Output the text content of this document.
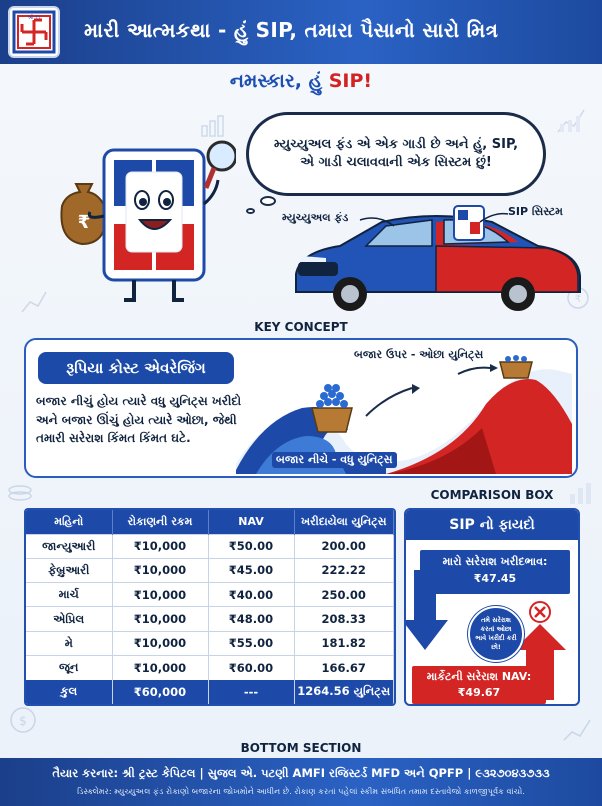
₹
$
શ્રી ૧૧ મારી આત્મકથા - હું SIP, તમારા પૈસાનો સારો મિત્ર
નમસ્કાર, હું SIP!
₹
મ્યુચ્યુઅલ ફંડ એ એક ગાડી છે અને હું, SIP,
એ ગાડી ચલાવવાની એક સિસ્ટમ છું!
મ્યુચ્યુઅલ ફંડ	SIP સિસ્ટમ
KEY CONCEPT
રૂપિયા કોસ્ટ એવરેજિંગ
બજાર નીચું હોય ત્યારે વધુ યુનિટ્સ ખરીદો અને બજાર ઊંચું હોય ત્યારે ઓછા, જેથી તમારી સરેરાશ કિંમત કિંમત ઘટે.
બજાર ઉપર - ઓછા યુનિટ્સ
બજાર નીચે - વધુ યુનિટ્સ
મહિનો	રોકાણની રકમ	NAV	ખરીદાયેલા યુનિટ્સ
જાન્યુઆરી	₹10,000	₹50.00	200.00
ફેબ્રુઆરી	₹10,000	₹45.00	222.22
માર્ચ	₹10,000	₹40.00	250.00
એપ્રિલ	₹10,000	₹48.00	208.33
મે	₹10,000	₹55.00	181.82
જૂન	₹10,000	₹60.00	166.67
કુલ	₹60,000	---	1264.56 યુનિટ્સ
COMPARISON BOX
SIP નો ફાયદો
મારો સરેરાશ ખરીદભાવ:
₹47.45
તમે સરેરાશ કરતાં ઓછા ભાવે ખરીદી કરી છો!
માર્કેટની સરેરાશ NAV:
₹49.67
BOTTOM SECTION
તૈયાર કરનાર: શ્રી ટ્રસ્ટ કેપિટલ | સુજલ એ. પટણી AMFI રજિસ્ટર્ડ MFD અને QPFP | ૯૩૨૭૦૪૩૭૩૩
ડિસ્ક્લેમર: મ્યુચ્યુઅલ ફંડ રોકાણો બજારના જોખમોને આધીન છે. રોકાણ કરતાં પહેલાં સ્કીમ સંબંધિત તમામ દસ્તાવેજો કાળજીપૂર્વક વાંચો.
